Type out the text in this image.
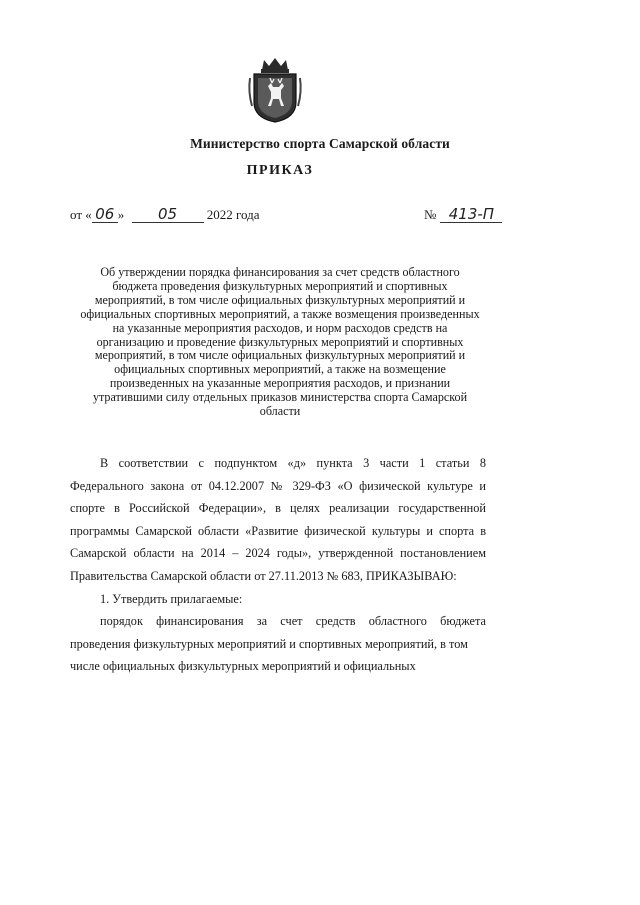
Министерство спорта Самарской области
ПРИКАЗ
от « 06 » 05 2022 года	№ 413-П
Об утверждении порядка финансирования за счет средств областного бюджета проведения физкультурных мероприятий и спортивных мероприятий, в том числе официальных физкультурных мероприятий и официальных спортивных мероприятий, а также возмещения произведенных на указанные мероприятия расходов, и норм расходов средств на организацию и проведение физкультурных мероприятий и спортивных мероприятий, в том числе официальных физкультурных мероприятий и официальных спортивных мероприятий, а также на возмещение произведенных на указанные мероприятия расходов, и признании утратившими силу отдельных приказов министерства спорта Самарской области

В соответствии с подпунктом «д» пункта 3 части 1 статьи 8 Федерального закона от 04.12.2007 № 329-ФЗ «О физической культуре и спорте в Российской Федерации», в целях реализации государственной программы Самарской области «Развитие физической культуры и спорта в Самарской области на 2014 – 2024 годы», утвержденной постановлением Правительства Самарской области от 27.11.2013 № 683, ПРИКАЗЫВАЮ:

1. Утвердить прилагаемые:

порядок финансирования за счет средств областного бюджета проведения физкультурных мероприятий и спортивных мероприятий, в том

числе официальных физкультурных мероприятий и официальных
